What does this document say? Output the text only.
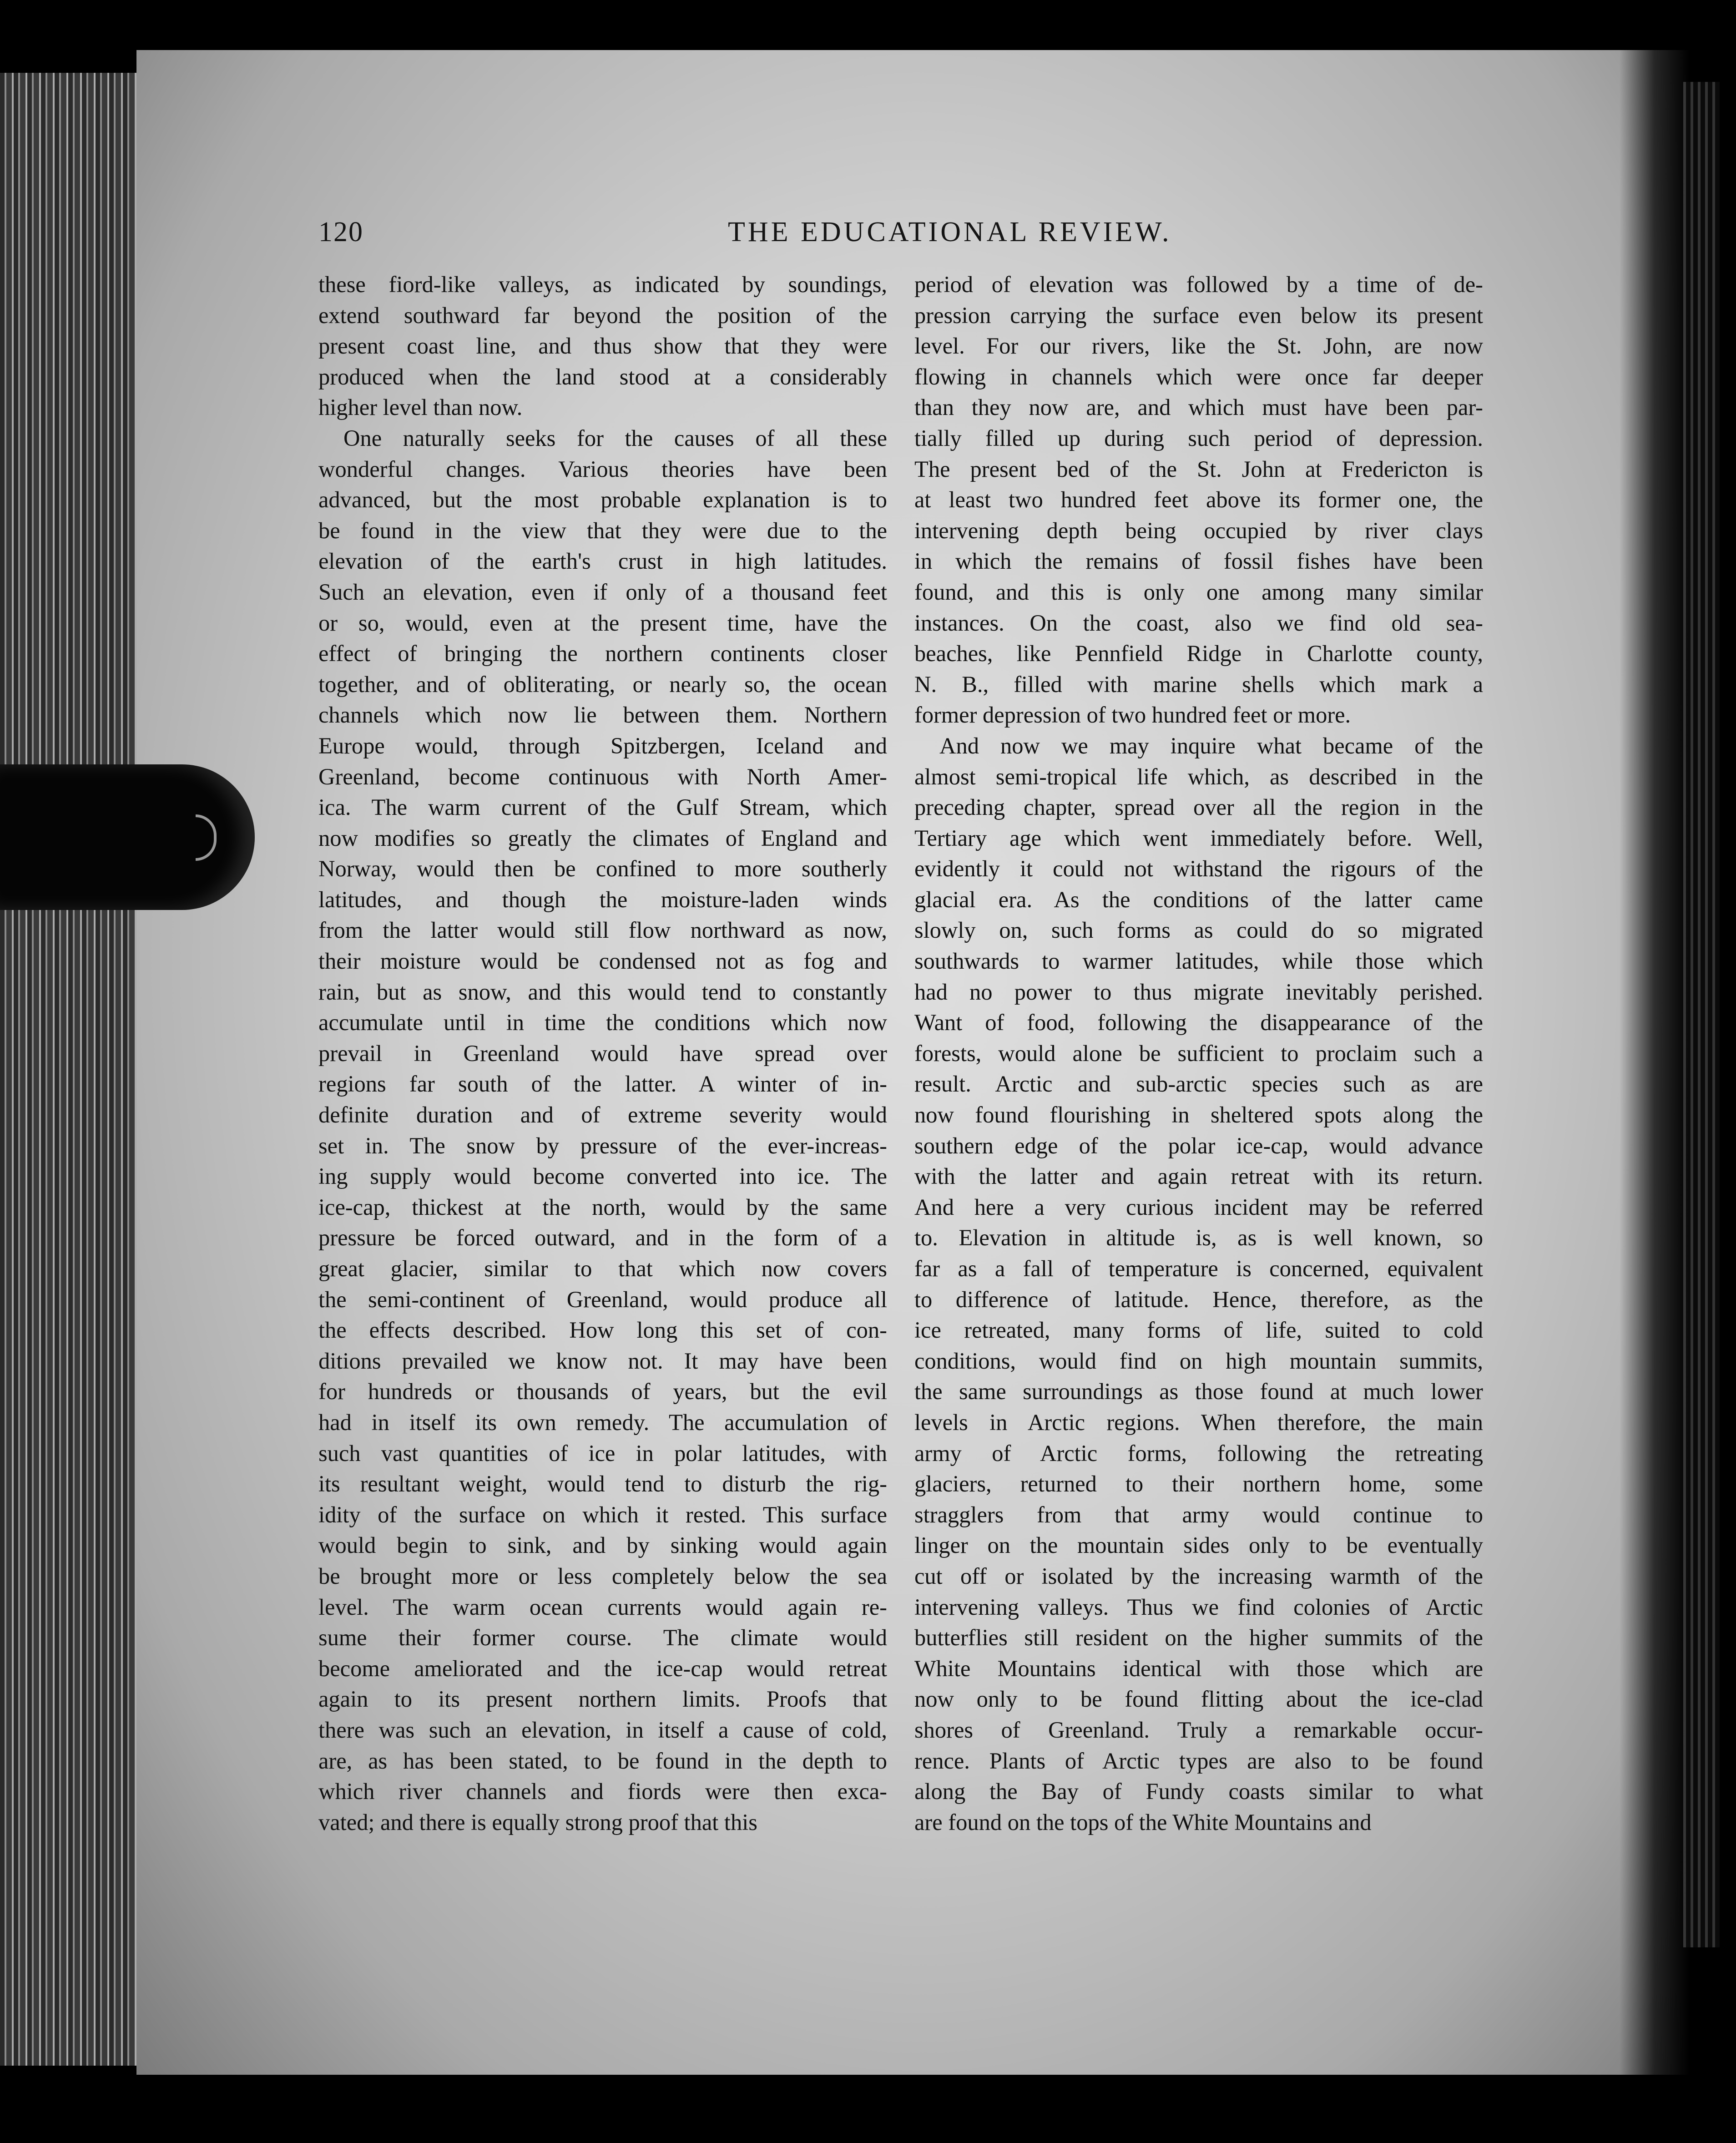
120	THE EDUCATIONAL REVIEW.
these fiord-like valleys, as indicated by soundings,
extend southward far beyond the position of the
present coast line, and thus show that they were
produced when the land stood at a considerably
higher level than now.
One naturally seeks for the causes of all these
wonderful changes. Various theories have been
advanced, but the most probable explanation is to
be found in the view that they were due to the
elevation of the earth's crust in high latitudes.
Such an elevation, even if only of a thousand feet
or so, would, even at the present time, have the
effect of bringing the northern continents closer
together, and of obliterating, or nearly so, the ocean
channels which now lie between them. Northern
Europe would, through Spitzbergen, Iceland and
Greenland, become continuous with North Amer-
ica. The warm current of the Gulf Stream, which
now modifies so greatly the climates of England and
Norway, would then be confined to more southerly
latitudes, and though the moisture-laden winds
from the latter would still flow northward as now,
their moisture would be condensed not as fog and
rain, but as snow, and this would tend to constantly
accumulate until in time the conditions which now
prevail in Greenland would have spread over
regions far south of the latter. A winter of in-
definite duration and of extreme severity would
set in. The snow by pressure of the ever-increas-
ing supply would become converted into ice. The
ice-cap, thickest at the north, would by the same
pressure be forced outward, and in the form of a
great glacier, similar to that which now covers
the semi-continent of Greenland, would produce all
the effects described. How long this set of con-
ditions prevailed we know not. It may have been
for hundreds or thousands of years, but the evil
had in itself its own remedy. The accumulation of
such vast quantities of ice in polar latitudes, with
its resultant weight, would tend to disturb the rig-
idity of the surface on which it rested. This surface
would begin to sink, and by sinking would again
be brought more or less completely below the sea
level. The warm ocean currents would again re-
sume their former course. The climate would
become ameliorated and the ice-cap would retreat
again to its present northern limits. Proofs that
there was such an elevation, in itself a cause of cold,
are, as has been stated, to be found in the depth to
which river channels and fiords were then exca-
vated; and there is equally strong proof that this
period of elevation was followed by a time of de-
pression carrying the surface even below its present
level. For our rivers, like the St. John, are now
flowing in channels which were once far deeper
than they now are, and which must have been par-
tially filled up during such period of depression.
The present bed of the St. John at Fredericton is
at least two hundred feet above its former one, the
intervening depth being occupied by river clays
in which the remains of fossil fishes have been
found, and this is only one among many similar
instances. On the coast, also we find old sea-
beaches, like Pennfield Ridge in Charlotte county,
N. B., filled with marine shells which mark a
former depression of two hundred feet or more.
And now we may inquire what became of the
almost semi-tropical life which, as described in the
preceding chapter, spread over all the region in the
Tertiary age which went immediately before. Well,
evidently it could not withstand the rigours of the
glacial era. As the conditions of the latter came
slowly on, such forms as could do so migrated
southwards to warmer latitudes, while those which
had no power to thus migrate inevitably perished.
Want of food, following the disappearance of the
forests, would alone be sufficient to proclaim such a
result. Arctic and sub-arctic species such as are
now found flourishing in sheltered spots along the
southern edge of the polar ice-cap, would advance
with the latter and again retreat with its return.
And here a very curious incident may be referred
to. Elevation in altitude is, as is well known, so
far as a fall of temperature is concerned, equivalent
to difference of latitude. Hence, therefore, as the
ice retreated, many forms of life, suited to cold
conditions, would find on high mountain summits,
the same surroundings as those found at much lower
levels in Arctic regions. When therefore, the main
army of Arctic forms, following the retreating
glaciers, returned to their northern home, some
stragglers from that army would continue to
linger on the mountain sides only to be eventually
cut off or isolated by the increasing warmth of the
intervening valleys. Thus we find colonies of Arctic
butterflies still resident on the higher summits of the
White Mountains identical with those which are
now only to be found flitting about the ice-clad
shores of Greenland. Truly a remarkable occur-
rence. Plants of Arctic types are also to be found
along the Bay of Fundy coasts similar to what
are found on the tops of the White Mountains and
